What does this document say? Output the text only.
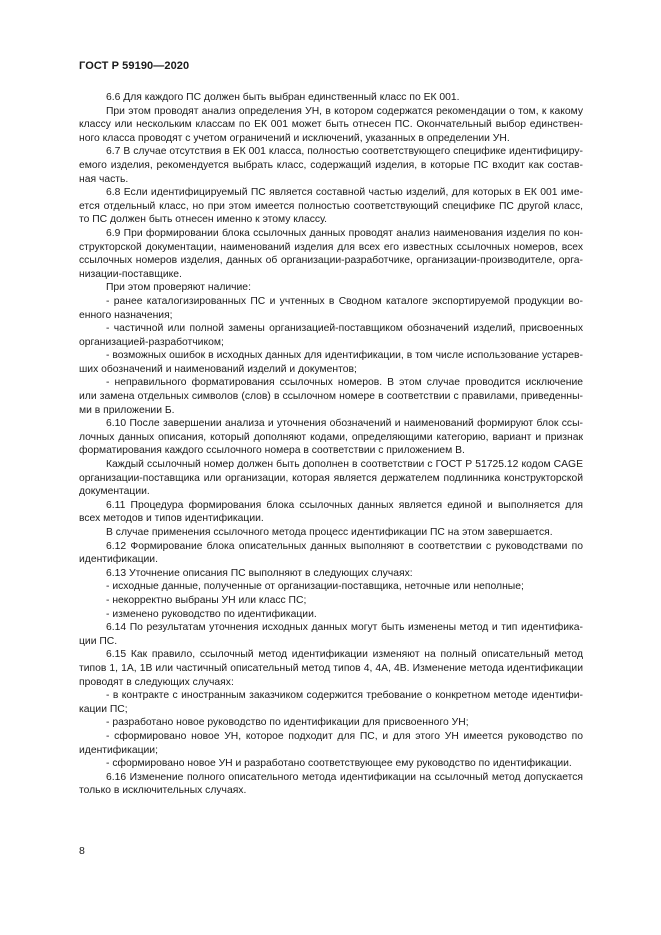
ГОСТ Р 59190—2020

6.6 Для каждого ПС должен быть выбран единственный класс по ЕК 001.

При этом проводят анализ определения УН, в котором содержатся рекомендации о том, к какому классу или нескольким классам по ЕК 001 может быть отнесен ПС. Окончательный выбор единственного класса проводят с учетом ограничений и исключений, указанных в определении УН.

6.7 В случае отсутствия в ЕК 001 класса, полностью соответствующего специфике идентифицируемого изделия, рекомендуется выбрать класс, содержащий изделия, в которые ПС входит как составная часть.

6.8 Если идентифицируемый ПС является составной частью изделий, для которых в ЕК 001 имеется отдельный класс, но при этом имеется полностью соответствующий специфике ПС другой класс, то ПС должен быть отнесен именно к этому классу.

6.9 При формировании блока ссылочных данных проводят анализ наименования изделия по конструкторской документации, наименований изделия для всех его известных ссылочных номеров, всех ссылочных номеров изделия, данных об организации-разработчике, организации-производителе, организации-поставщике.

При этом проверяют наличие:

- ранее каталогизированных ПС и учтенных в Сводном каталоге экспортируемой продукции военного назначения;

- частичной или полной замены организацией-поставщиком обозначений изделий, присвоенных организацией-разработчиком;

- возможных ошибок в исходных данных для идентификации, в том числе использование устаревших обозначений и наименований изделий и документов;

- неправильного форматирования ссылочных номеров. В этом случае проводится исключение или замена отдельных символов (слов) в ссылочном номере в соответствии с правилами, приведенными в приложении Б.

6.10 После завершении анализа и уточнения обозначений и наименований формируют блок ссылочных данных описания, который дополняют кодами, определяющими категорию, вариант и признак форматирования каждого ссылочного номера в соответствии с приложением В.

Каждый ссылочный номер должен быть дополнен в соответствии с ГОСТ Р 51725.12 кодом CAGE организации-поставщика или организации, которая является держателем подлинника конструкторской документации.

6.11 Процедура формирования блока ссылочных данных является единой и выполняется для всех методов и типов идентификации.

В случае применения ссылочного метода процесс идентификации ПС на этом завершается.

6.12 Формирование блока описательных данных выполняют в соответствии с руководствами по идентификации.

6.13 Уточнение описания ПС выполняют в следующих случаях:

- исходные данные, полученные от организации-поставщика, неточные или неполные;

- некорректно выбраны УН или класс ПС;

- изменено руководство по идентификации.

6.14 По результатам уточнения исходных данных могут быть изменены метод и тип идентификации ПС.

6.15 Как правило, ссылочный метод идентификации изменяют на полный описательный метод типов 1, 1А, 1В или частичный описательный метод типов 4, 4А, 4В. Изменение метода идентификации проводят в следующих случаях:

- в контракте с иностранным заказчиком содержится требование о конкретном методе идентификации ПС;

- разработано новое руководство по идентификации для присвоенного УН;

- сформировано новое УН, которое подходит для ПС, и для этого УН имеется руководство по идентификации;

- сформировано новое УН и разработано соответствующее ему руководство по идентификации.

6.16 Изменение полного описательного метода идентификации на ссылочный метод допускается только в исключительных случаях.

8
